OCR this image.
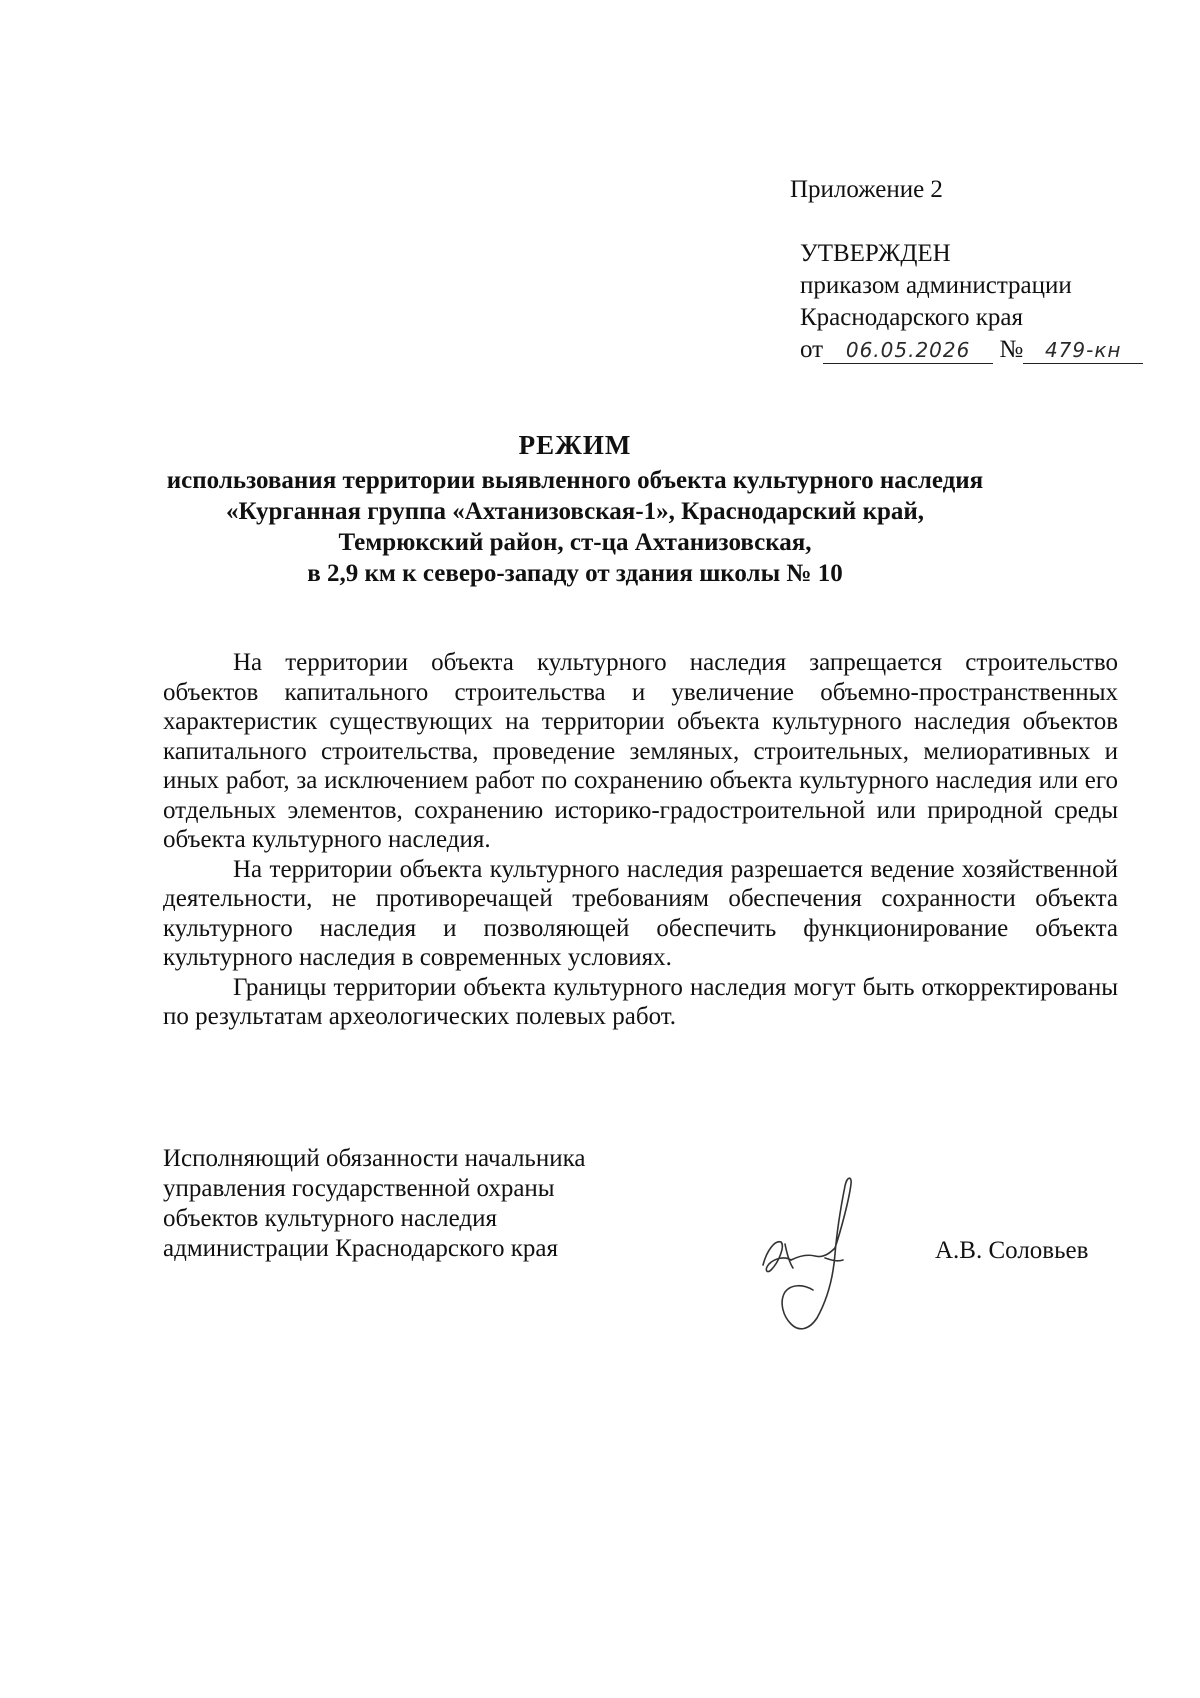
Приложение 2
УТВЕРЖДЕН
приказом администрации
Краснодарского края
от 06.05.2026 № 479-кн
РЕЖИМ
использования территории выявленного объекта культурного наследия
«Курганная группа «Ахтанизовская-1», Краснодарский край,
Темрюкский район, ст-ца Ахтанизовская,
в 2,9 км к северо-западу от здания школы № 10

На территории объекта культурного наследия запрещается строительство объектов капитального строительства и увеличение объемно-пространственных характеристик существующих на территории объекта культурного наследия объектов капитального строительства, проведение земляных, строительных, мелиоративных и иных работ, за исключением работ по сохранению объекта культурного наследия или его отдельных элементов, сохранению историко-градостроительной или природной среды объекта культурного наследия.

На территории объекта культурного наследия разрешается ведение хозяйственной деятельности, не противоречащей требованиям обеспечения сохранности объекта культурного наследия и позволяющей обеспечить функционирование объекта культурного наследия в современных условиях.

Границы территории объекта культурного наследия могут быть откорректированы по результатам археологических полевых работ.

Исполняющий обязанности начальника
управления государственной охраны
объектов культурного наследия
администрации Краснодарского края	А.В. Соловьев
